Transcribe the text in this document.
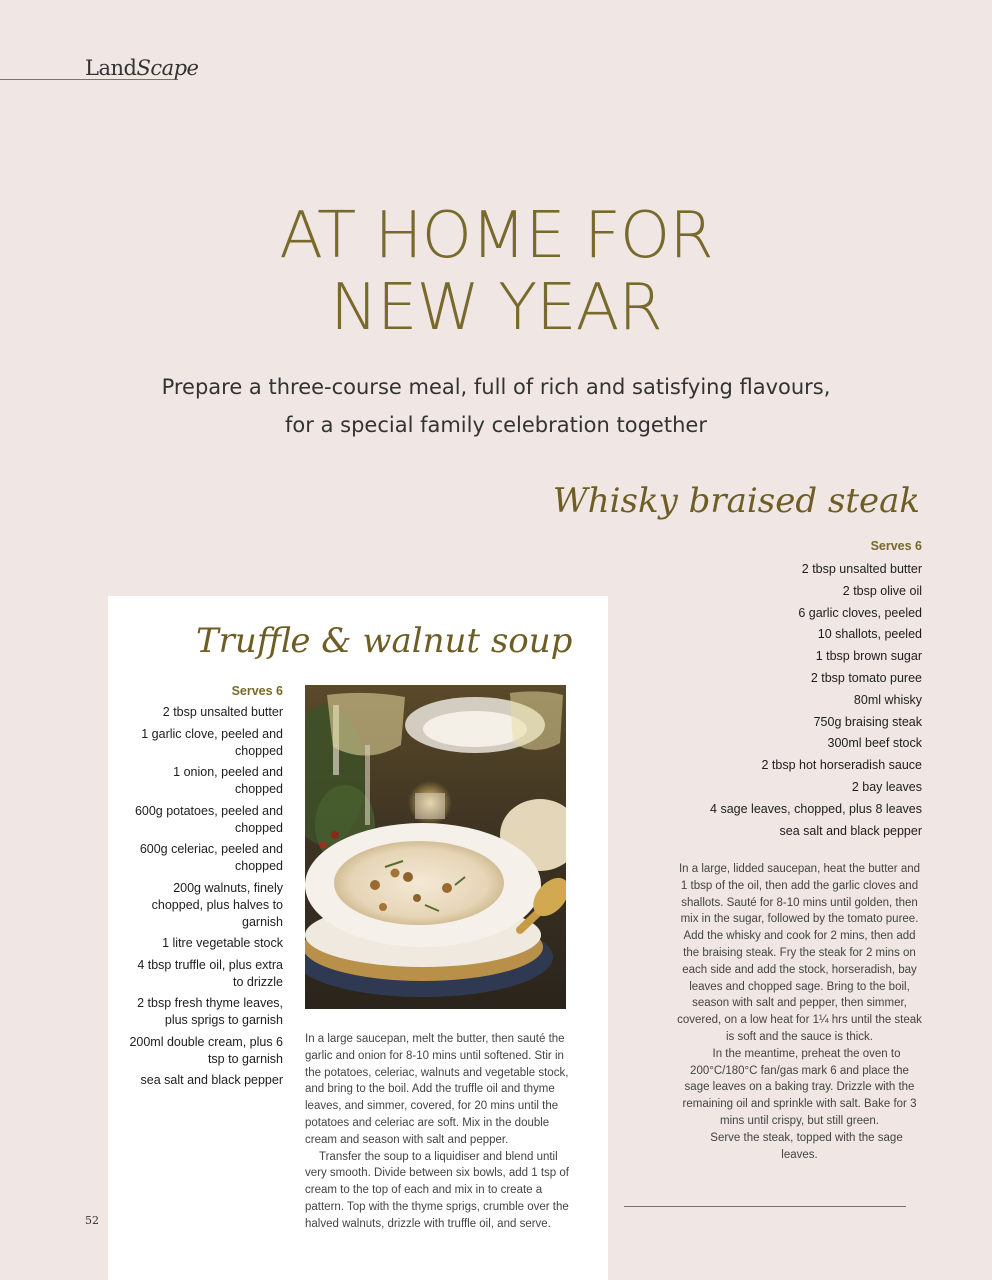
LandScape
AT HOME FOR
NEW YEAR
Prepare a three-course meal, full of rich and satisfying flavours,
for a special family celebration together
Whisky braised steak
Serves 6
2 tbsp unsalted butter
2 tbsp olive oil
6 garlic cloves, peeled
10 shallots, peeled
1 tbsp brown sugar
2 tbsp tomato puree
80ml whisky
750g braising steak
300ml beef stock
2 tbsp hot horseradish sauce
2 bay leaves
4 sage leaves, chopped, plus 8 leaves
sea salt and black pepper

In a large, lidded saucepan, heat the butter and 1 tbsp of the oil, then add the garlic cloves and shallots. Sauté for 8-10 mins until golden, then mix in the sugar, followed by the tomato puree. Add the whisky and cook for 2 mins, then add the braising steak. Fry the steak for 2 mins on each side and add the stock, horseradish, bay leaves and chopped sage. Bring to the boil, season with salt and pepper, then simmer, covered, on a low heat for 1¼ hrs until the steak is soft and the sauce is thick.

In the meantime, preheat the oven to 200°C/180°C fan/gas mark 6 and place the sage leaves on a baking tray. Drizzle with the remaining oil and sprinkle with salt. Bake for 3 mins until crispy, but still green.

Serve the steak, topped with the sage leaves.

Truffle & walnut soup
Serves 6
2 tbsp unsalted butter
1 garlic clove, peeled and chopped
1 onion, peeled and chopped
600g potatoes, peeled and chopped
600g celeriac, peeled and chopped
200g walnuts, finely chopped, plus halves to garnish
1 litre vegetable stock
4 tbsp truffle oil, plus extra to drizzle
2 tbsp fresh thyme leaves, plus sprigs to garnish
200ml double cream, plus 6 tsp to garnish
sea salt and black pepper

In a large saucepan, melt the butter, then sauté the garlic and onion for 8-10 mins until softened. Stir in the potatoes, celeriac, walnuts and vegetable stock, and bring to the boil. Add the truffle oil and thyme leaves, and simmer, covered, for 20 mins until the potatoes and celeriac are soft. Mix in the double cream and season with salt and pepper.

Transfer the soup to a liquidiser and blend until very smooth. Divide between six bowls, add 1 tsp of cream to the top of each and mix in to create a pattern. Top with the thyme sprigs, crumble over the halved walnuts, drizzle with truffle oil, and serve.

52
